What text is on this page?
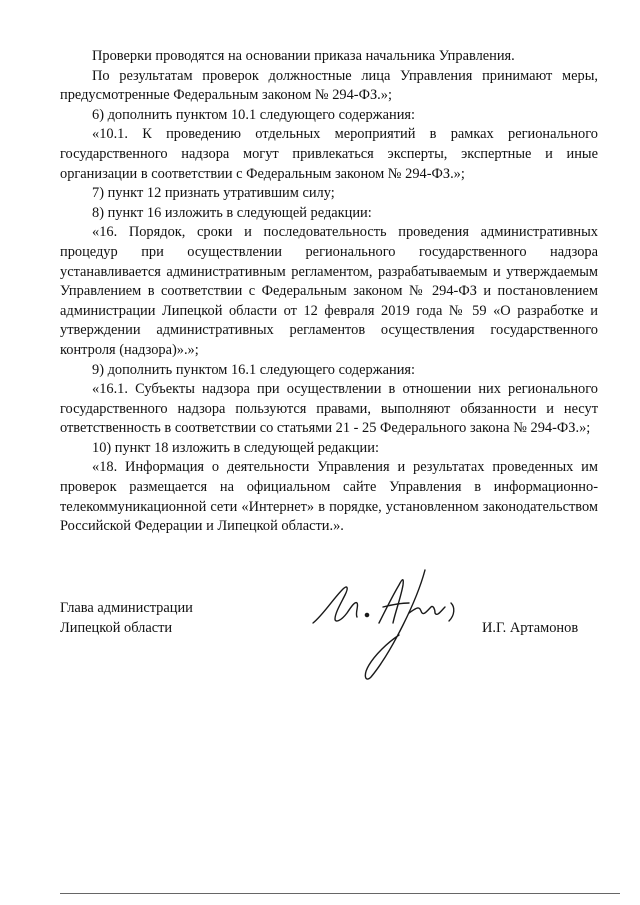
Проверки проводятся на основании приказа начальника Управления.

По результатам проверок должностные лица Управления принимают меры, предусмотренные Федеральным законом № 294-ФЗ.»;

6) дополнить пунктом 10.1 следующего содержания:

«10.1. К проведению отдельных мероприятий в рамках регионального государственного надзора могут привлекаться эксперты, экспертные и иные организации в соответствии с Федеральным законом № 294-ФЗ.»;

7) пункт 12 признать утратившим силу;

8) пункт 16 изложить в следующей редакции:

«16. Порядок, сроки и последовательность проведения административных процедур при осуществлении регионального государственного надзора устанавливается административным регламентом, разрабатываемым и утверждаемым Управлением в соответствии с Федеральным законом № 294-ФЗ и постановлением администрации Липецкой области от 12 февраля 2019 года № 59 «О разработке и утверждении административных регламентов осуществления государственного контроля (надзора)».»;

9) дополнить пунктом 16.1 следующего содержания:

«16.1. Субъекты надзора при осуществлении в отношении них регионального государственного надзора пользуются правами, выполняют обязанности и несут ответственность в соответствии со статьями 21 - 25 Федерального закона № 294-ФЗ.»;

10) пункт 18 изложить в следующей редакции:

«18. Информация о деятельности Управления и результатах проведенных им проверок размещается на официальном сайте Управления в информационно-телекоммуникационной сети «Интернет» в порядке, установленном законодательством Российской Федерации и Липецкой области.».

Глава администрации
Липецкой области	И.Г. Артамонов
